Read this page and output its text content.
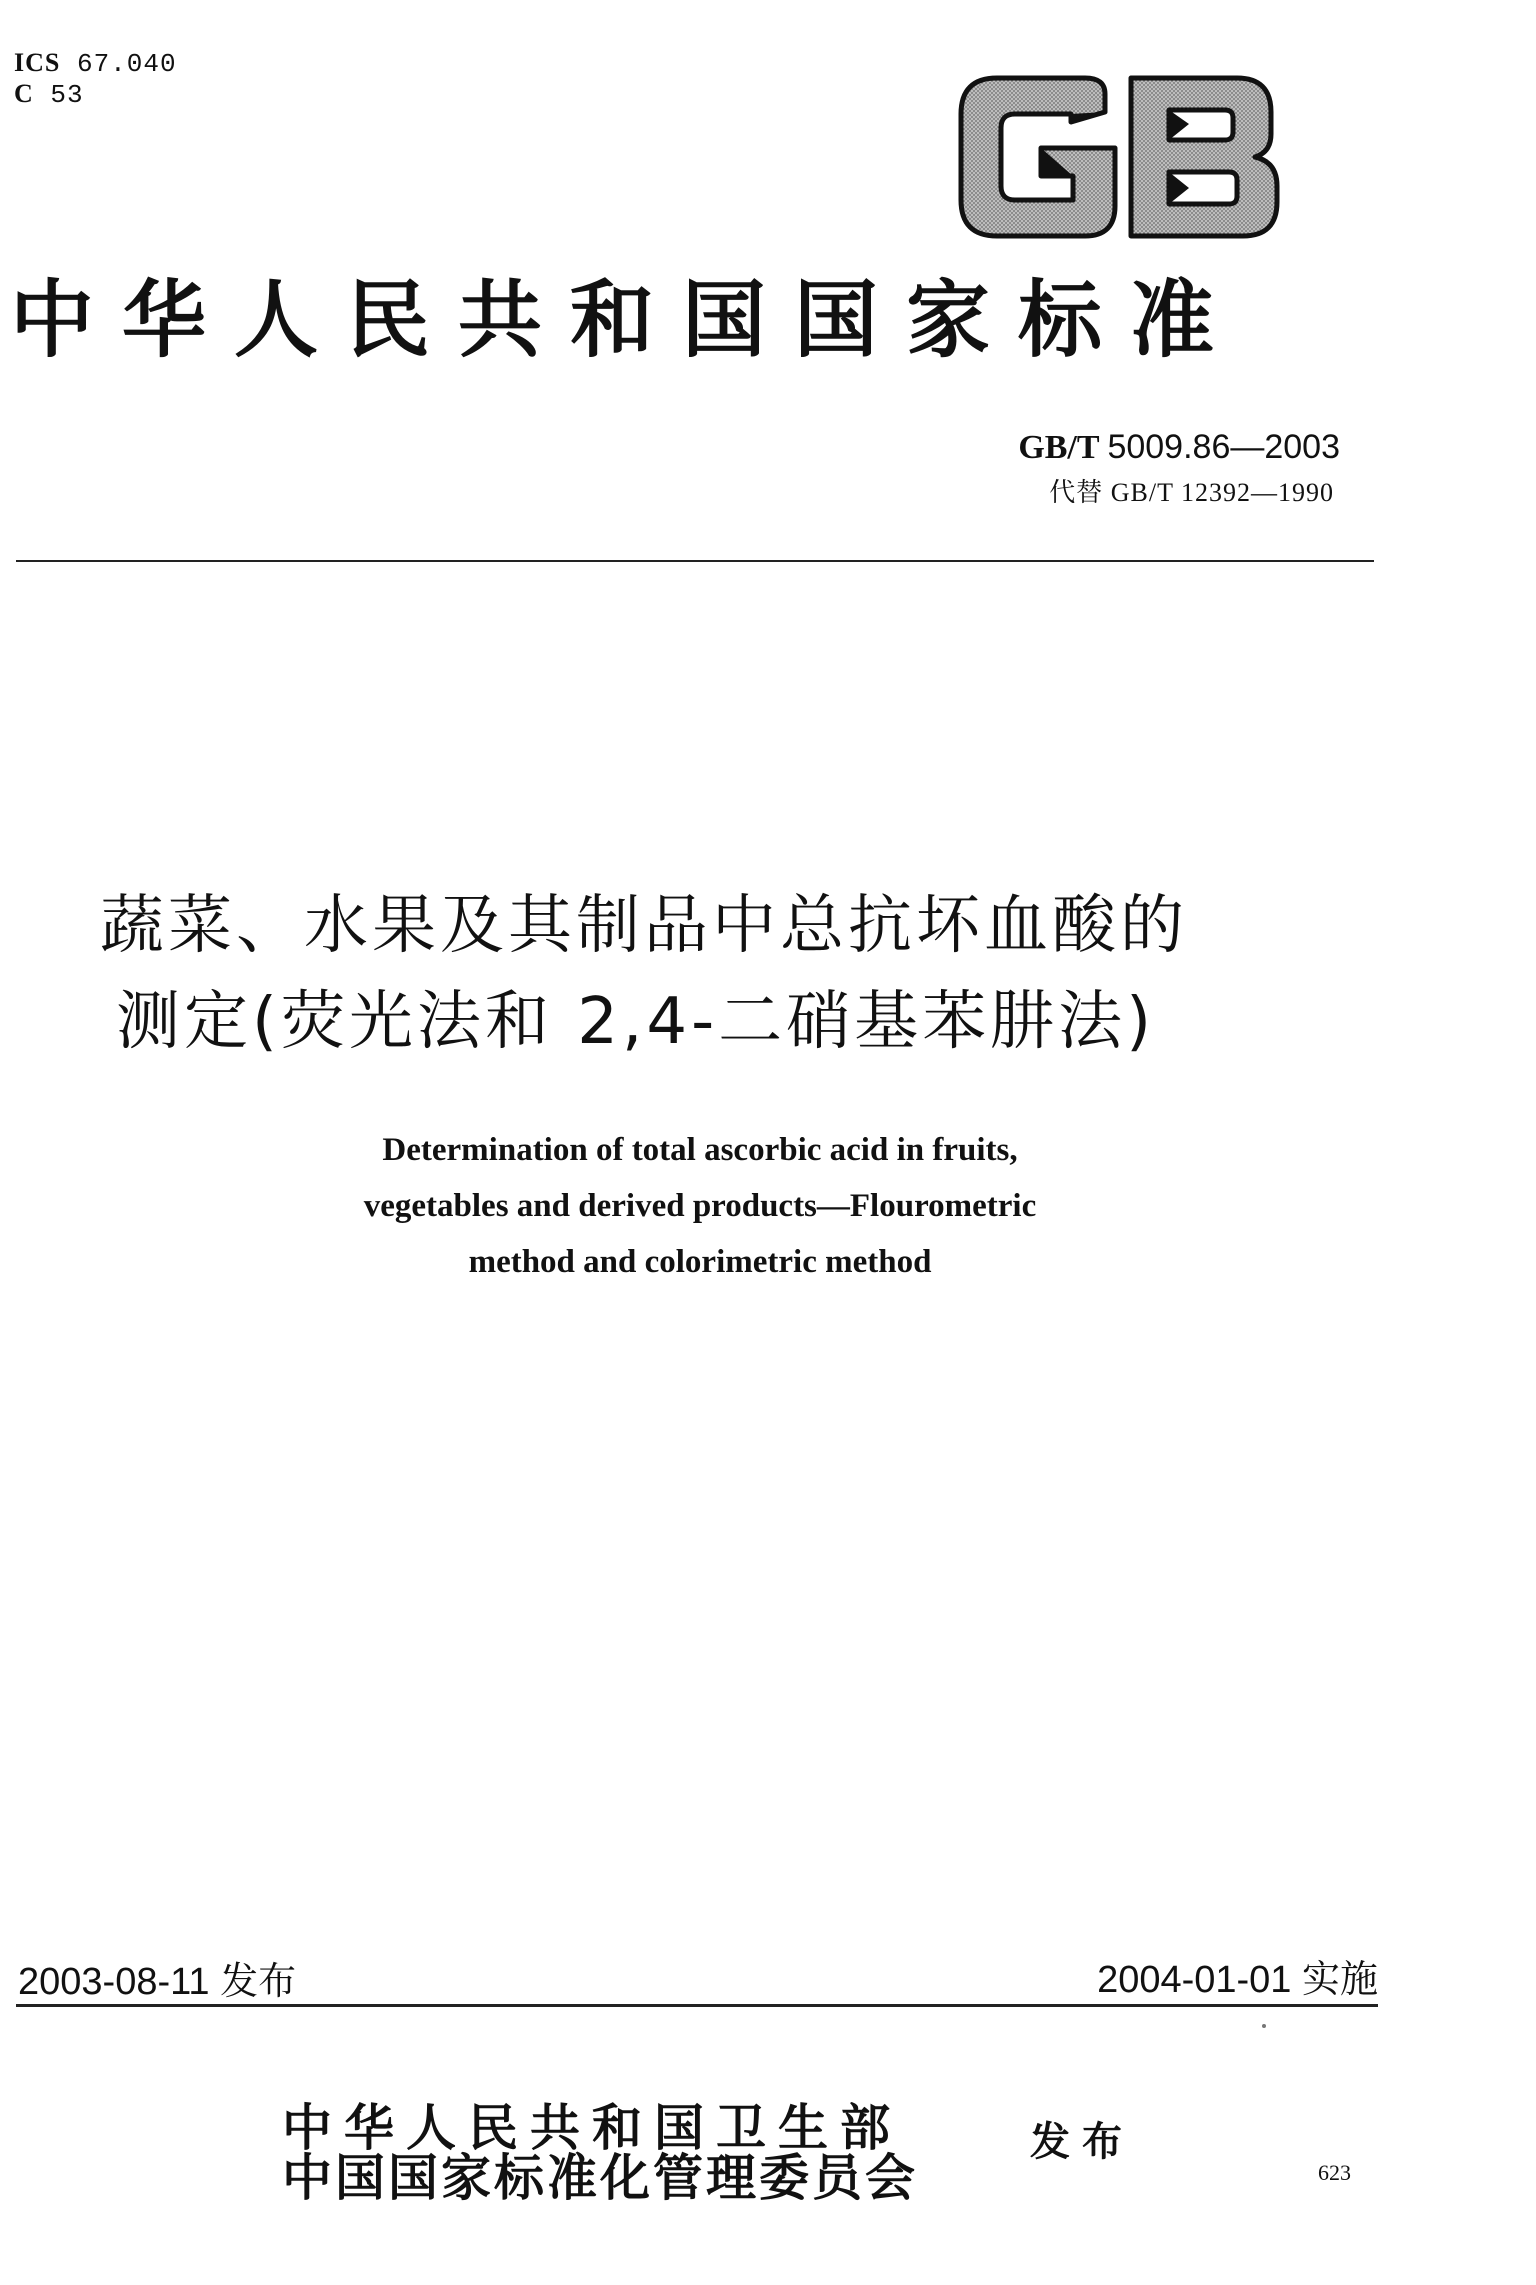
ICS 67.040
C 53
中华人民共和国国家标准
GB/T 5009.86—2003
代替 GB/T 12392—1990
蔬菜、水果及其制品中总抗坏血酸的
测定(荧光法和 2,4-二硝基苯肼法)
Determination of total ascorbic acid in fruits,
vegetables and derived products—Flourometric
method and colorimetric method
2003-08-11 发布	2004-01-01 实施
中华人民共和国卫生部
中国国家标准化管理委员会
发布
623
